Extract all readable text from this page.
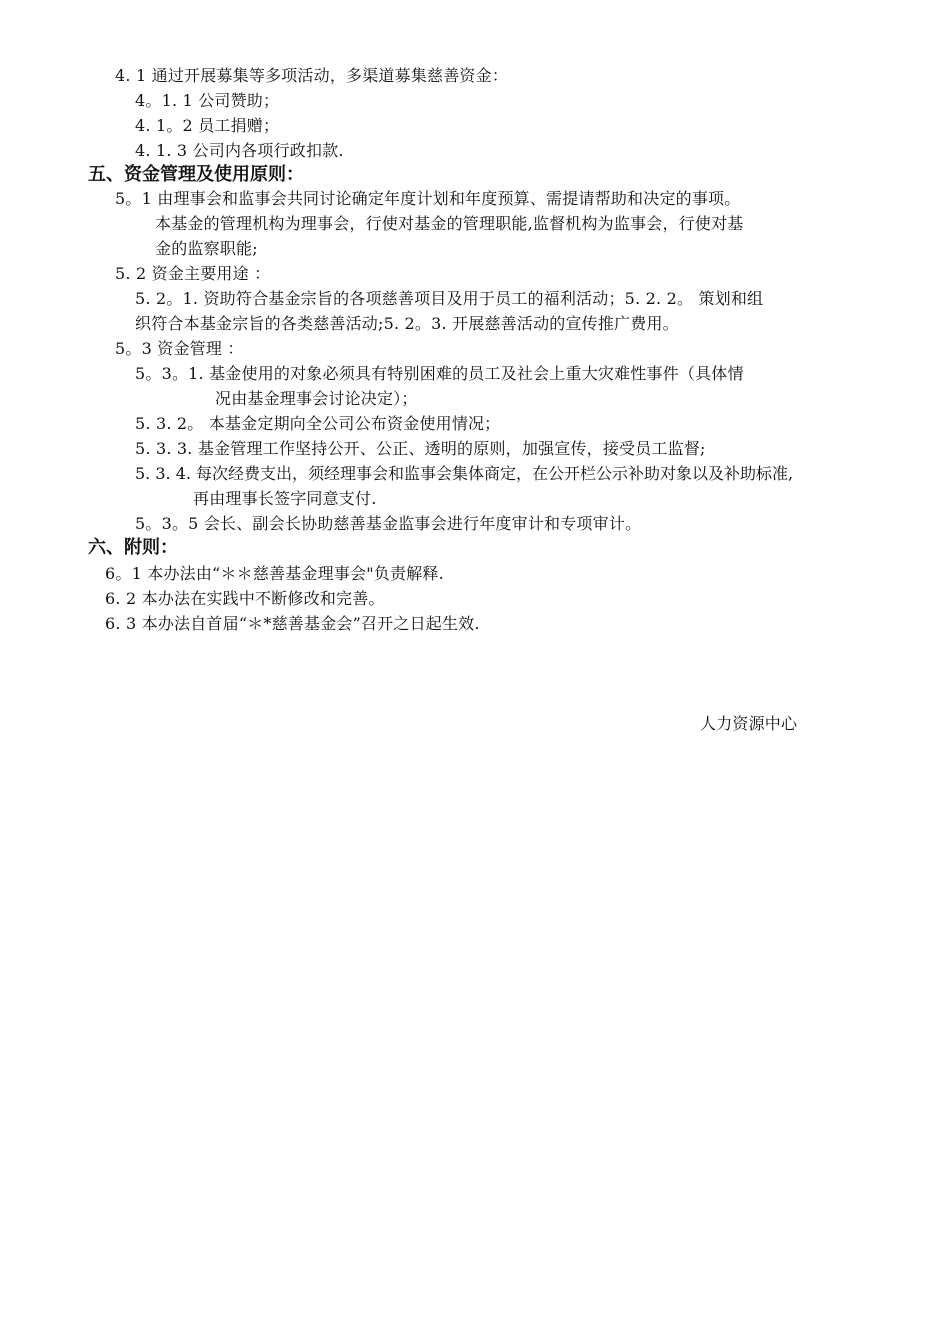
4. 1 通过开展募集等多项活动，多渠道募集慈善资金：
4。1. 1 公司赞助；
4. 1。2 员工捐赠；
4. 1. 3 公司内各项行政扣款.
五、资金管理及使用原则：
5。1 由理事会和监事会共同讨论确定年度计划和年度预算、需提请帮助和决定的事项。
本基金的管理机构为理事会，行使对基金的管理职能,监督机构为监事会，行使对基
金的监察职能;
5. 2 资金主要用途 ：
5. 2。1. 资助符合基金宗旨的各项慈善项目及用于员工的福利活动；5. 2. 2。 策划和组
织符合本基金宗旨的各类慈善活动;5. 2。3. 开展慈善活动的宣传推广费用。
5。3 资金管理 ：
5。3。1. 基金使用的对象必须具有特别困难的员工及社会上重大灾难性事件（具体情
况由基金理事会讨论决定）；
5. 3. 2。 本基金定期向全公司公布资金使用情况；
5. 3. 3. 基金管理工作坚持公开、公正、透明的原则，加强宣传，接受员工监督;
5. 3. 4. 每次经费支出，须经理事会和监事会集体商定，在公开栏公示补助对象以及补助标准,
再由理事长签字同意支付.
5。3。5 会长、副会长协助慈善基金监事会进行年度审计和专项审计。
六、附则：
6。1 本办法由“＊＊慈善基金理事会"负责解释.
6. 2 本办法在实践中不断修改和完善。
6. 3 本办法自首届“＊*慈善基金会”召开之日起生效.
人力资源中心
